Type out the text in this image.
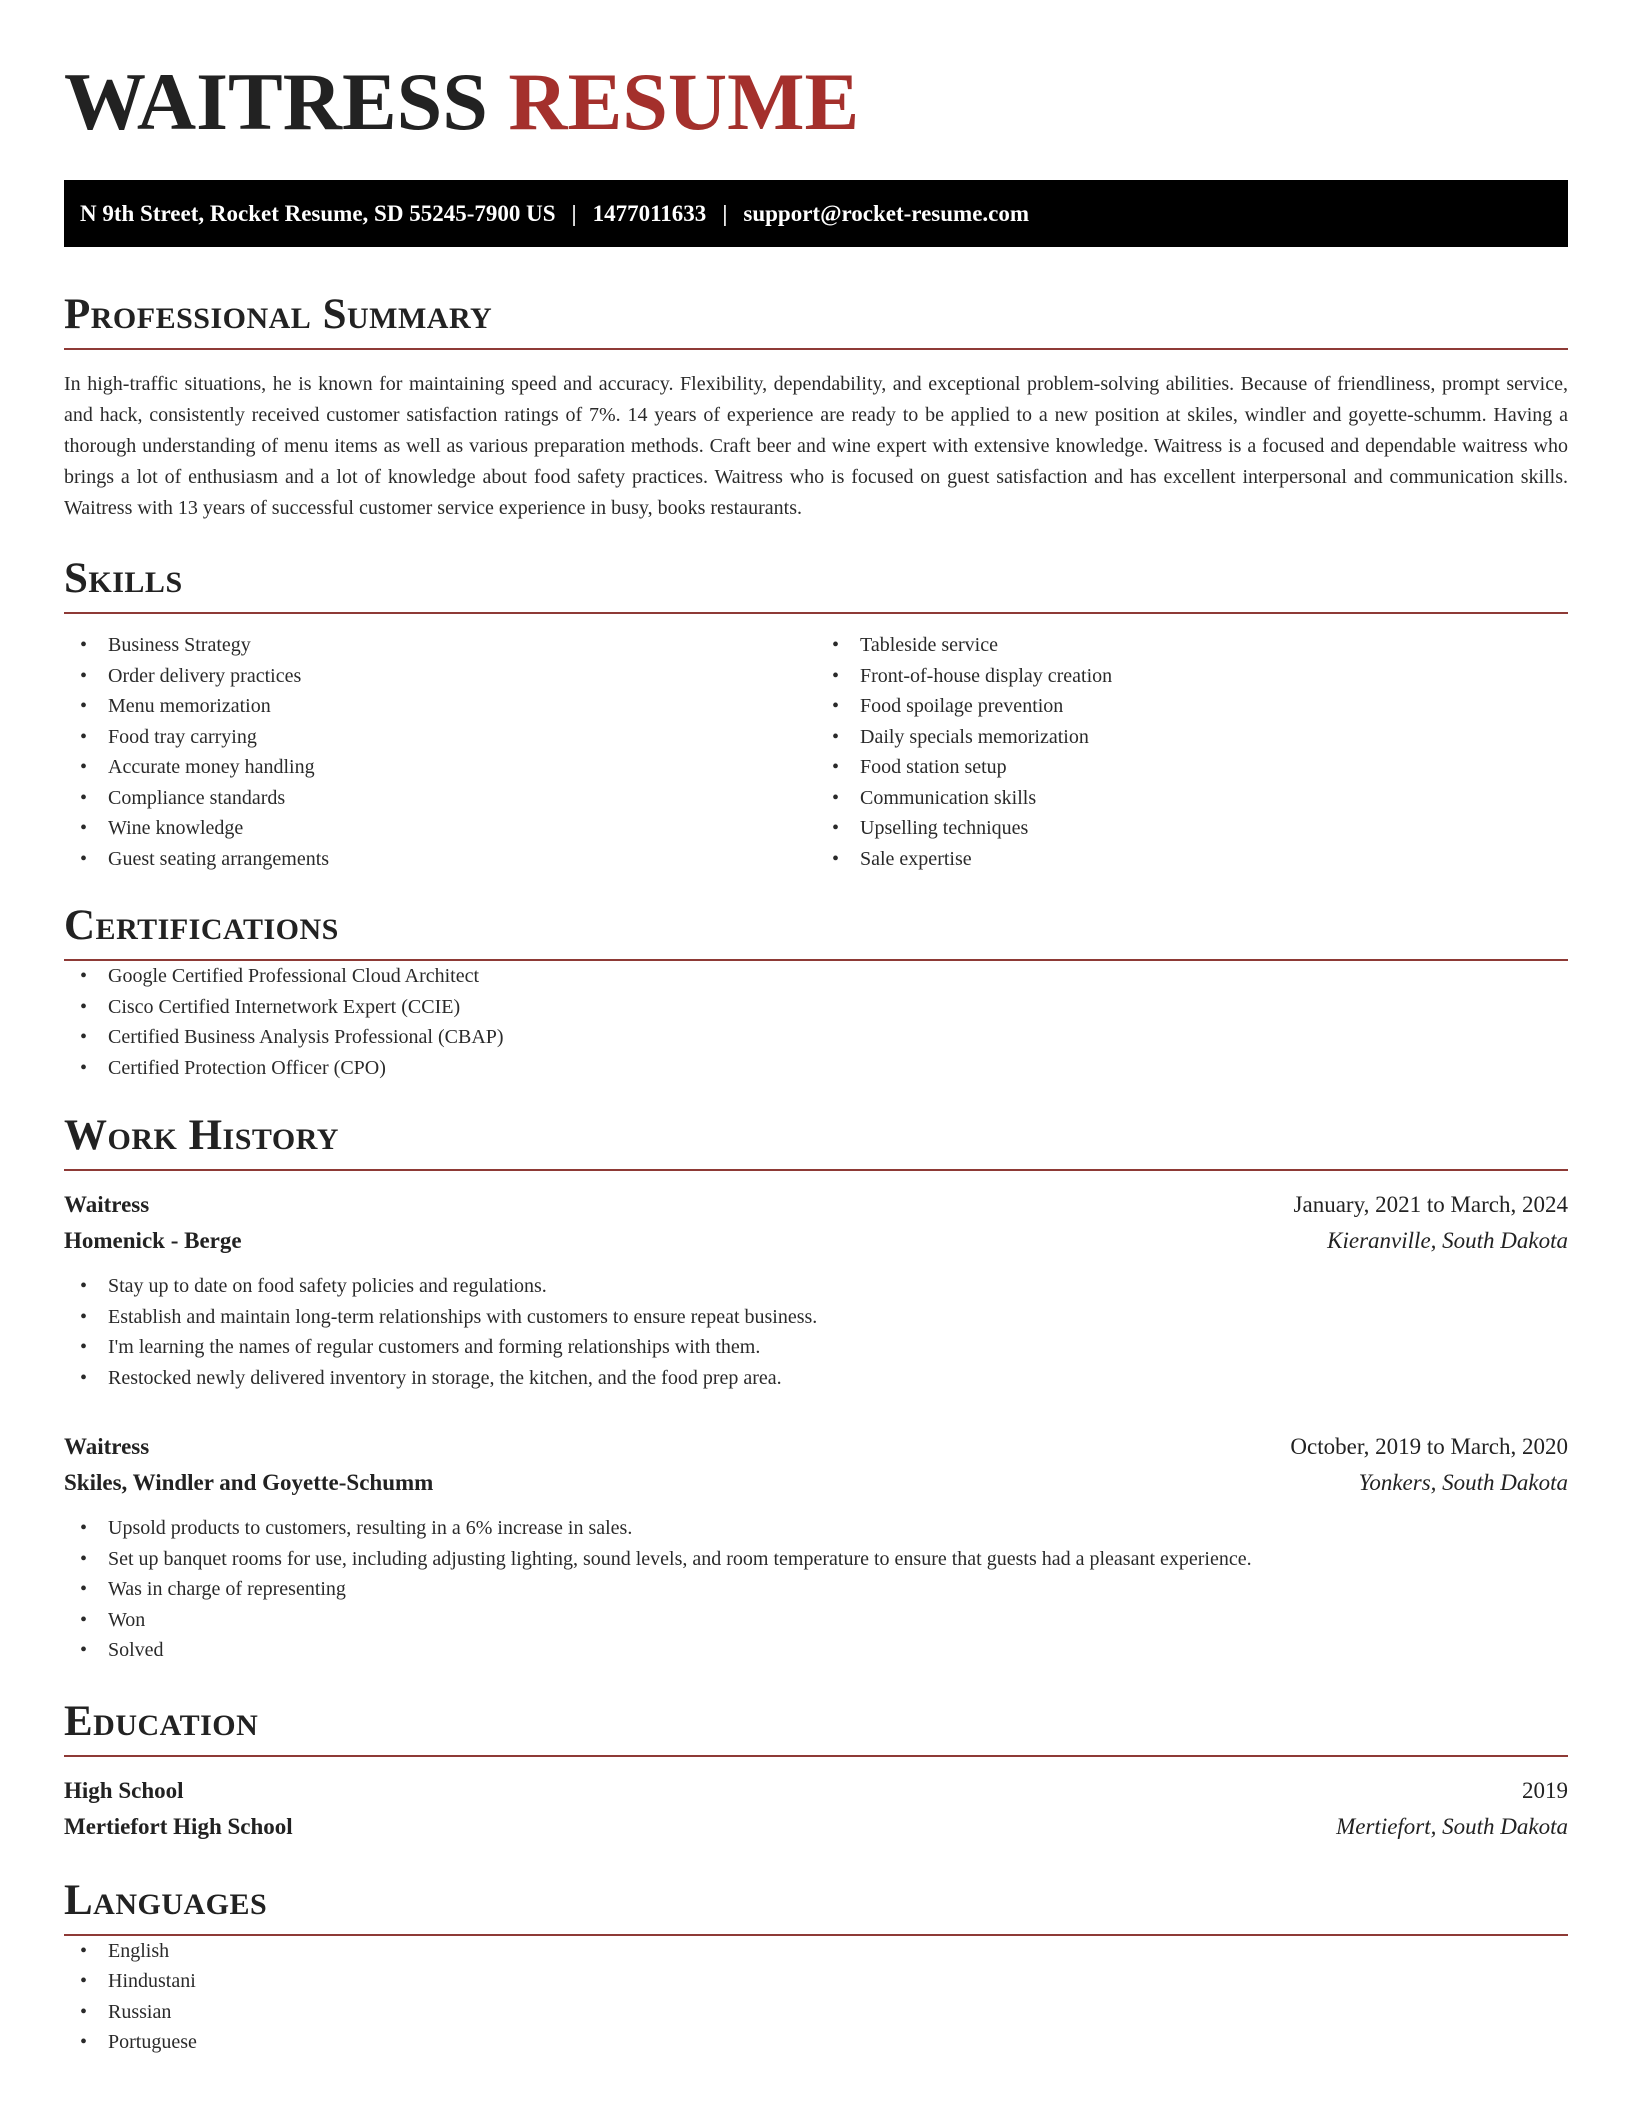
WAITRESS RESUME
N 9th Street, Rocket Resume, SD 55245-7900 US | 1477011633 | support@rocket-resume.com
Professional Summary

In high-traffic situations, he is known for maintaining speed and accuracy. Flexibility, dependability, and exceptional problem-solving abilities. Because of friendliness, prompt service, and hack, consistently received customer satisfaction ratings of 7%. 14 years of experience are ready to be applied to a new position at skiles, windler and goyette-schumm. Having a thorough understanding of menu items as well as various preparation methods. Craft beer and wine expert with extensive knowledge. Waitress is a focused and dependable waitress who brings a lot of enthusiasm and a lot of knowledge about food safety practices. Waitress who is focused on guest satisfaction and has excellent interpersonal and communication skills. Waitress with 13 years of successful customer service experience in busy, books restaurants.

Skills
• Business Strategy
• Order delivery practices
• Menu memorization
• Food tray carrying
• Accurate money handling
• Compliance standards
• Wine knowledge
• Guest seating arrangements
• Tableside service
• Front-of-house display creation
• Food spoilage prevention
• Daily specials memorization
• Food station setup
• Communication skills
• Upselling techniques
• Sale expertise
Certifications
• Google Certified Professional Cloud Architect
• Cisco Certified Internetwork Expert (CCIE)
• Certified Business Analysis Professional (CBAP)
• Certified Protection Officer (CPO)
Work History
Waitress	January, 2021 to March, 2024
Homenick - Berge	Kieranville, South Dakota
• Stay up to date on food safety policies and regulations.
• Establish and maintain long-term relationships with customers to ensure repeat business.
• I'm learning the names of regular customers and forming relationships with them.
• Restocked newly delivered inventory in storage, the kitchen, and the food prep area.
Waitress	October, 2019 to March, 2020
Skiles, Windler and Goyette-Schumm	Yonkers, South Dakota
• Upsold products to customers, resulting in a 6% increase in sales.
• Set up banquet rooms for use, including adjusting lighting, sound levels, and room temperature to ensure that guests had a pleasant experience.
• Was in charge of representing
• Won
• Solved
Education
High School	2019
Mertiefort High School	Mertiefort, South Dakota
Languages
• English
• Hindustani
• Russian
• Portuguese
